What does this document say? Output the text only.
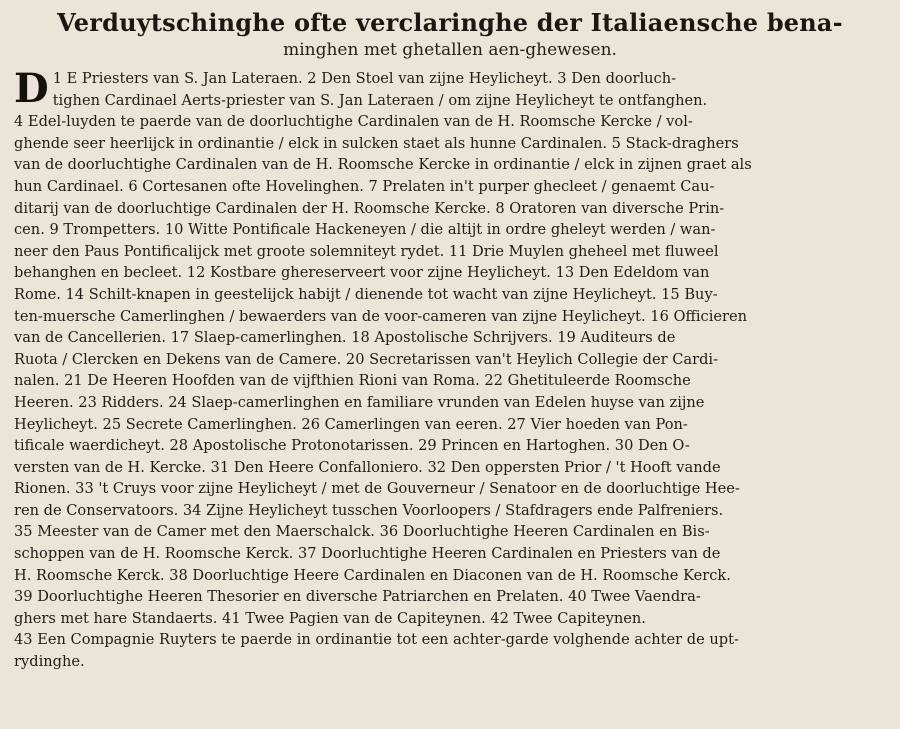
Verduytschinghe ofte verclaringhe der Italiaensche bena-
minghen met ghetallen aen-ghewesen.
D 1 E Priesters van S. Jan Lateraen. 2 Den Stoel van zijne Heylicheyt. 3 Den doorluch-
tighen Cardinael Aerts-priester van S. Jan Lateraen / om zijne Heylicheyt te ontfanghen.
4 Edel-luyden te paerde van de doorluchtighe Cardinalen van de H. Roomsche Kercke / vol-
ghende seer heerlijck in ordinantie / elck in sulcken staet als hunne Cardinalen. 5 Stack-draghers
van de doorluchtighe Cardinalen van de H. Roomsche Kercke in ordinantie / elck in zijnen graet als
hun Cardinael. 6 Cortesanen ofte Hovelinghen. 7 Prelaten in't purper ghecleet / genaemt Cau-
ditarij van de doorluchtige Cardinalen der H. Roomsche Kercke. 8 Oratoren van diversche Prin-
cen. 9 Trompetters. 10 Witte Pontificale Hackeneyen / die altijt in ordre gheleyt werden / wan-
neer den Paus Pontificalijck met groote solemniteyt rydet. 11 Drie Muylen gheheel met fluweel
behanghen en becleet. 12 Kostbare ghereserveert voor zijne Heylicheyt. 13 Den Edeldom van
Rome. 14 Schilt-knapen in geestelijck habijt / dienende tot wacht van zijne Heylicheyt. 15 Buy-
ten-muersche Camerlinghen / bewaerders van de voor-cameren van zijne Heylicheyt. 16 Officieren
van de Cancellerien. 17 Slaep-camerlinghen. 18 Apostolische Schrijvers. 19 Auditeurs de
Ruota / Clercken en Dekens van de Camere. 20 Secretarissen van't Heylich Collegie der Cardi-
nalen. 21 De Heeren Hoofden van de vijfthien Rioni van Roma. 22 Ghetituleerde Roomsche
Heeren. 23 Ridders. 24 Slaep-camerlinghen en familiare vrunden van Edelen huyse van zijne
Heylicheyt. 25 Secrete Camerlinghen. 26 Camerlingen van eeren. 27 Vier hoeden van Pon-
tificale waerdicheyt. 28 Apostolische Protonotarissen. 29 Princen en Hartoghen. 30 Den O-
versten van de H. Kercke. 31 Den Heere Confalloniero. 32 Den oppersten Prior / 't Hooft vande
Rionen. 33 't Cruys voor zijne Heylicheyt / met de Gouverneur / Senatoor en de doorluchtige Hee-
ren de Conservatoors. 34 Zijne Heylicheyt tusschen Voorloopers / Stafdragers ende Palfreniers.
35 Meester van de Camer met den Maerschalck. 36 Doorluchtighe Heeren Cardinalen en Bis-
schoppen van de H. Roomsche Kerck. 37 Doorluchtighe Heeren Cardinalen en Priesters van de
H. Roomsche Kerck. 38 Doorluchtige Heere Cardinalen en Diaconen van de H. Roomsche Kerck.
39 Doorluchtighe Heeren Thesorier en diversche Patriarchen en Prelaten. 40 Twee Vaendra-
ghers met hare Standaerts. 41 Twee Pagien van de Capiteynen. 42 Twee Capiteynen.
43 Een Compagnie Ruyters te paerde in ordinantie tot een achter-garde volghende achter de upt-
rydinghe.
